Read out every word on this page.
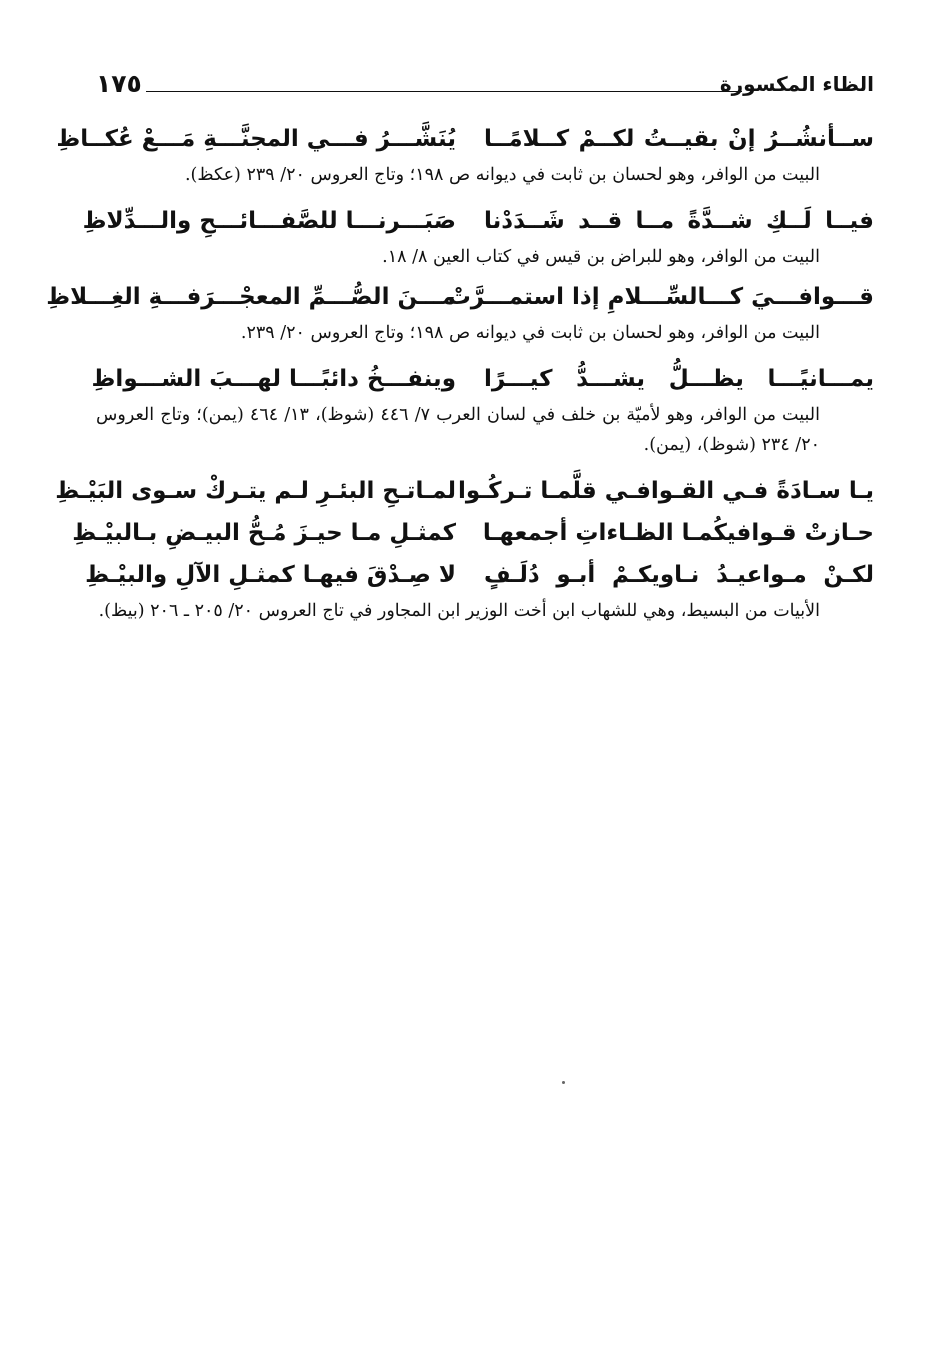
١٧٥	الظاء المكسورة
ســأنشُــرُ إنْ بقيــتُ لكــمْ كــلامًــا
يُنَشَّـــرُ فـــي المجنَّـــةِ مَـــعْ عُكــاظِ

البيت من الوافر، وهو لحسان بن ثابت في ديوانه ص ١٩٨؛ وتاج العروس ٢٠/ ٢٣٩ (عكظ).

فيــا لَــكِ شــدَّةً مــا قــد شَــدَدْنا
صَبَـــرنـــا للصَّفـــائـــحِ والـــدِّلاظِ

البيت من الوافر، وهو للبراض بن قيس في كتاب العين ٨/ ١٨.

قـــوافـــيَ كـــالسِّـــلامِ إذا استمـــرَّتْ
مـــنَ الصُّـــمِّ المعجْـــرَفـــةِ الغِـــلاظِ

البيت من الوافر، وهو لحسان بن ثابت في ديوانه ص ١٩٨؛ وتاج العروس ٢٠/ ٢٣٩.

يمـــانيًـــا يظـــلُّ يشـــدُّ كيـــرًا
وينفـــخُ دائبًـــا لهـــبَ الشـــواظِ

البيت من الوافر، وهو لأميّة بن خلف في لسان العرب ٧/ ٤٤٦ (شوظ)، ١٣/ ٤٦٤ (يمن)؛ وتاج العروس ٢٠/ ٢٣٤ (شوظ)، (يمن).

يـا سـادَةً فـي القـوافـي قلَّمـا تـركُـوا
لمـاتـحِ البئـرِ لـم يتـركْ سـوى البَيْـظِ
حـازتْ قـوافيكُمـا الظـاءاتِ أجمعهـا
كمثـلِ مـا حيـزَ مُـحُّ البيـضِ بـالبيْـظِ
لكـنْ مـواعيـدُ نـاويكـمْ أبـو دُلَـفٍ
لا صِـدْقَ فيهـا كمثـلِ الآلِ والبيْـظِ

الأبيات من البسيط، وهي للشهاب ابن أخت الوزير ابن المجاور في تاج العروس ٢٠/ ٢٠٥ ـ ٢٠٦ (بيظ).
